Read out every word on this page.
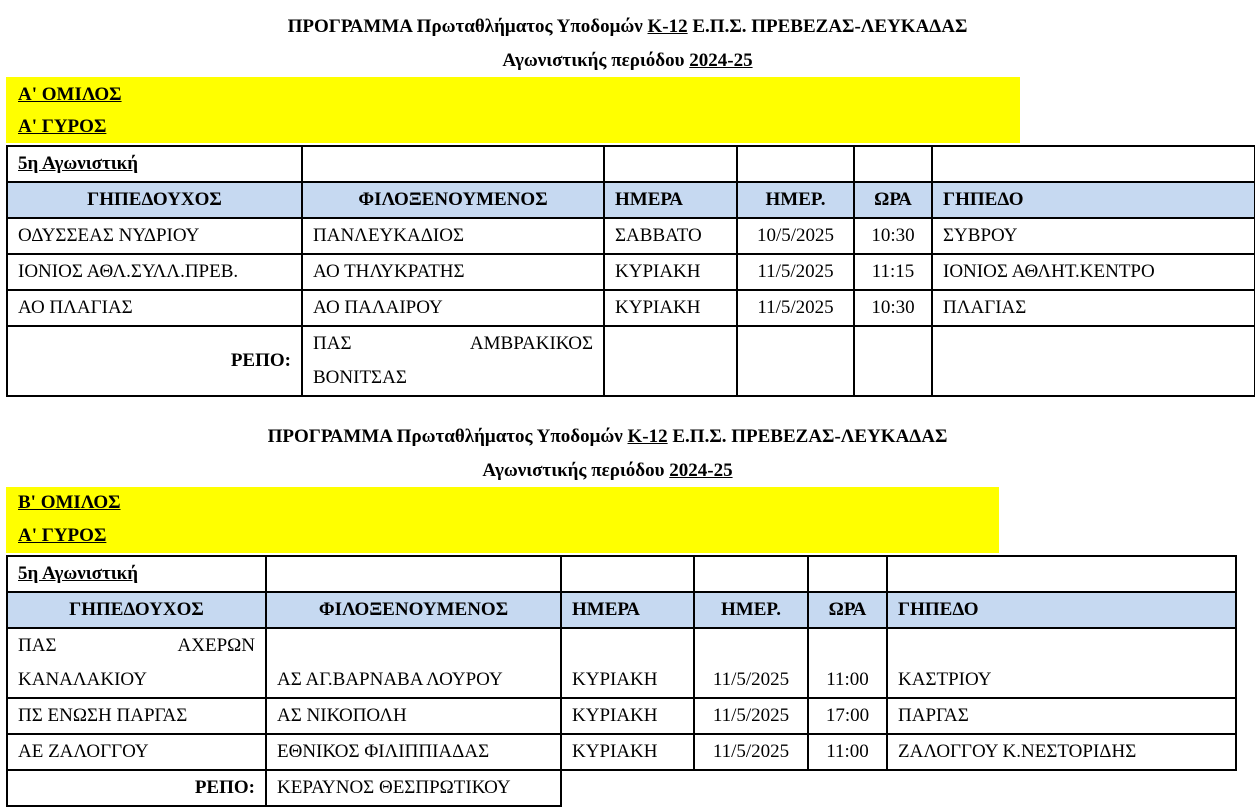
ΠΡΟΓΡΑΜΜΑ Πρωταθλήματος Υποδομών Κ-12 Ε.Π.Σ. ΠΡΕΒΕΖΑΣ-ΛΕΥΚΑΔΑΣ
Αγωνιστικής περιόδου 2024-25
Α' ΟΜΙΛΟΣ
Α' ΓΥΡΟΣ
5η Αγωνιστική					
ΓΗΠΕΔΟΥΧΟΣ	ΦΙΛΟΞΕΝΟΥΜΕΝΟΣ	ΗΜΕΡΑ	ΗΜΕΡ.	ΩΡΑ	ΓΗΠΕΔΟ
ΟΔΥΣΣΕΑΣ ΝΥΔΡΙΟΥ	ΠΑΝΛΕΥΚΑΔΙΟΣ	ΣΑΒΒΑΤΟ	10/5/2025	10:30	ΣΥΒΡΟΥ
ΙΟΝΙΟΣ ΑΘΛ.ΣΥΛΛ.ΠΡΕΒ.	ΑΟ ΤΗΛΥΚΡΑΤΗΣ	ΚΥΡΙΑΚΗ	11/5/2025	11:15	ΙΟΝΙΟΣ ΑΘΛΗΤ.ΚΕΝΤΡΟ
ΑΟ ΠΛΑΓΙΑΣ	ΑΟ ΠΑΛΑΙΡΟΥ	ΚΥΡΙΑΚΗ	11/5/2025	10:30	ΠΛΑΓΙΑΣ
ΡΕΠΟ:	ΠΑΣ ΑΜΒΡΑΚΙΚΟΣ
ΒΟΝΙΤΣΑΣ				

ΠΡΟΓΡΑΜΜΑ Πρωταθλήματος Υποδομών Κ-12 Ε.Π.Σ. ΠΡΕΒΕΖΑΣ-ΛΕΥΚΑΔΑΣ
Αγωνιστικής περιόδου 2024-25
Β' ΟΜΙΛΟΣ
Α' ΓΥΡΟΣ
5η Αγωνιστική					
ΓΗΠΕΔΟΥΧΟΣ	ΦΙΛΟΞΕΝΟΥΜΕΝΟΣ	ΗΜΕΡΑ	ΗΜΕΡ.	ΩΡΑ	ΓΗΠΕΔΟ

ΠΑΣ ΑΧΕΡΩΝ
ΚΑΝΑΛΑΚΙΟΥ	ΑΣ ΑΓ.ΒΑΡΝΑΒΑ ΛΟΥΡΟΥ	ΚΥΡΙΑΚΗ	11/5/2025	11:00	ΚΑΣΤΡΙΟΥ
ΠΣ ΕΝΩΣΗ ΠΑΡΓΑΣ	ΑΣ ΝΙΚΟΠΟΛΗ	ΚΥΡΙΑΚΗ	11/5/2025	17:00	ΠΑΡΓΑΣ
ΑΕ ΖΑΛΟΓΓΟΥ	ΕΘΝΙΚΟΣ ΦΙΛΙΠΠΙΑΔΑΣ	ΚΥΡΙΑΚΗ	11/5/2025	11:00	ΖΑΛΟΓΓΟΥ Κ.ΝΕΣΤΟΡΙΔΗΣ
ΡΕΠΟ:	ΚΕΡΑΥΝΟΣ ΘΕΣΠΡΩΤΙΚΟΥ				
